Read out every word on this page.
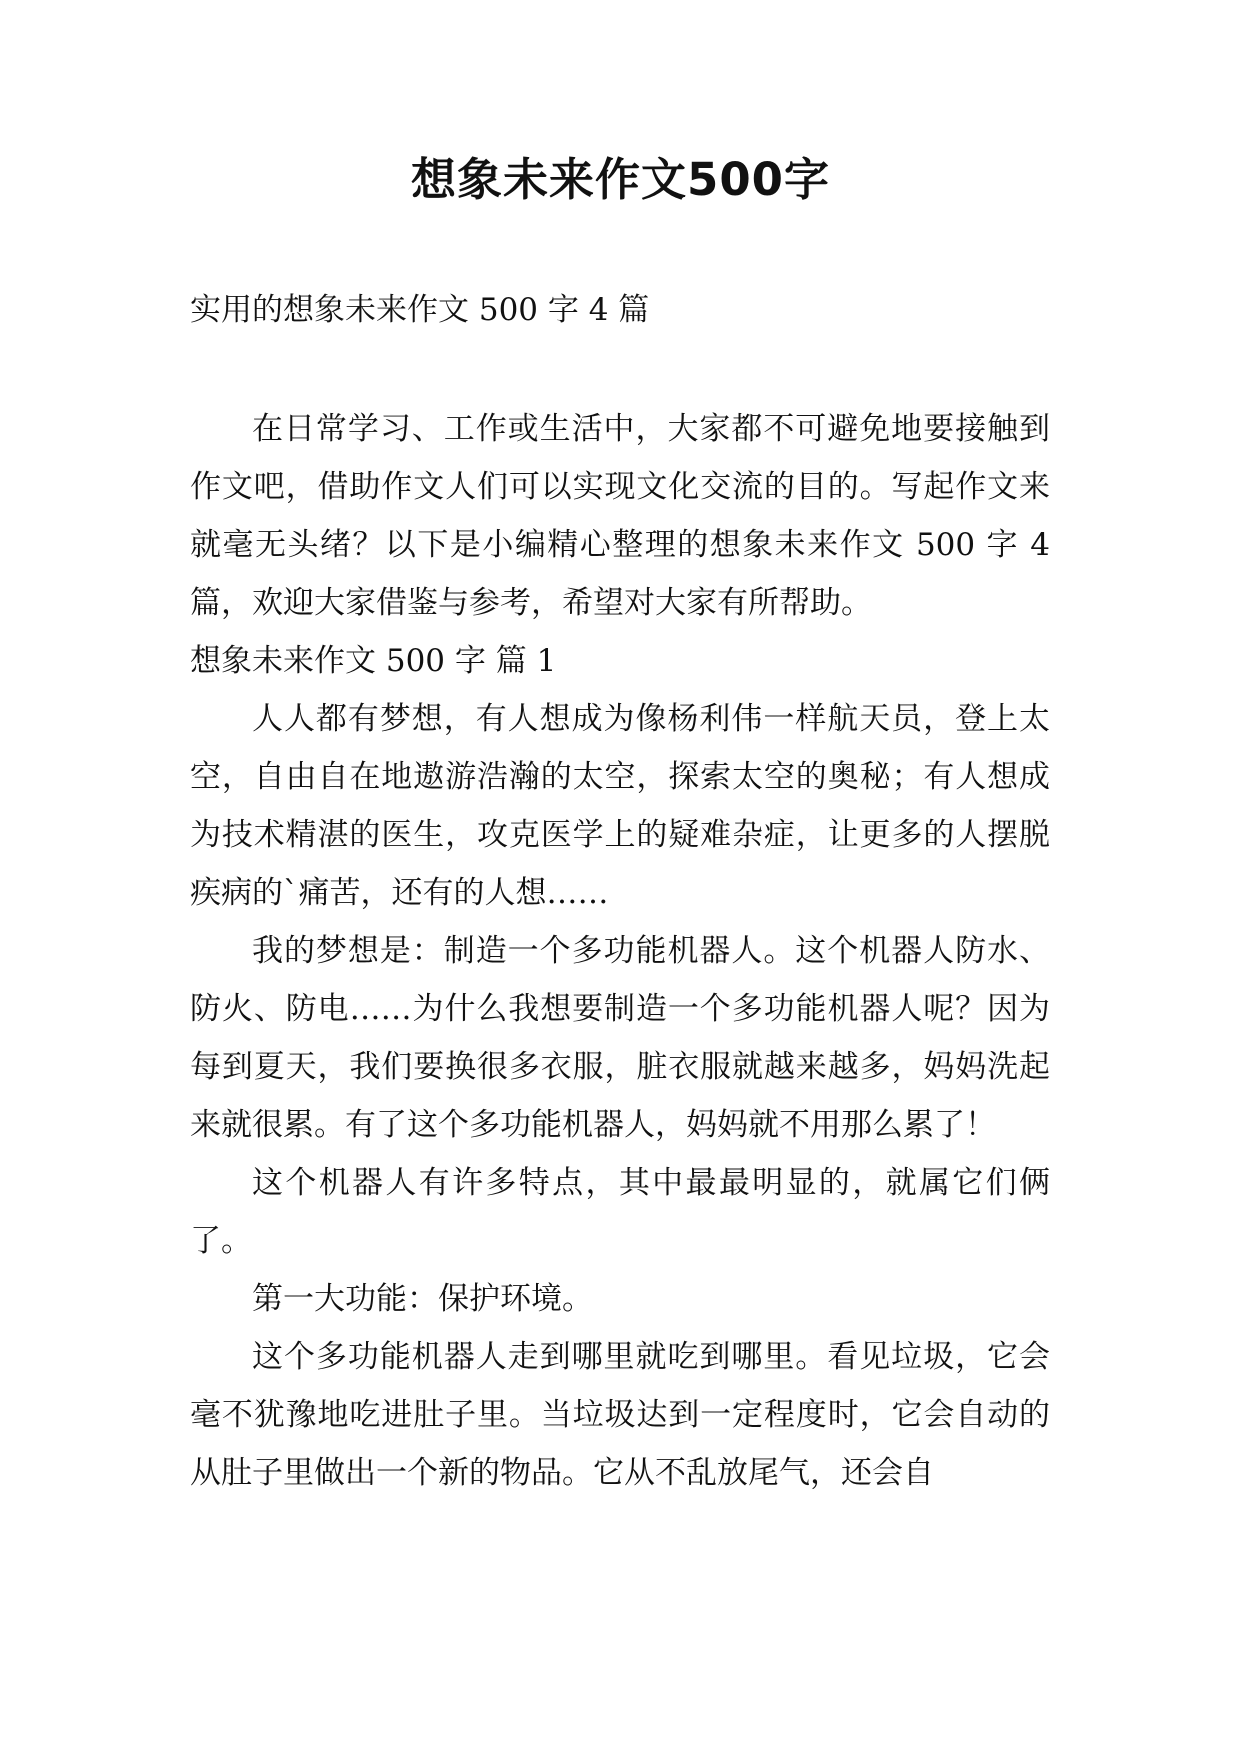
想象未来作文500字
实用的想象未来作文 500 字 4 篇

在日常学习、工作或生活中，大家都不可避免地要接触到作文吧，借助作文人们可以实现文化交流的目的。写起作文来就毫无头绪？以下是小编精心整理的想象未来作文 500 字 4 篇，欢迎大家借鉴与参考，希望对大家有所帮助。

想象未来作文 500 字 篇 1

人人都有梦想，有人想成为像杨利伟一样航天员，登上太空，自由自在地遨游浩瀚的太空，探索太空的奥秘；有人想成为技术精湛的医生，攻克医学上的疑难杂症，让更多的人摆脱疾病的`痛苦，还有的人想……

我的梦想是：制造一个多功能机器人。这个机器人防水、防火、防电……为什么我想要制造一个多功能机器人呢？因为每到夏天，我们要换很多衣服，脏衣服就越来越多，妈妈洗起来就很累。有了这个多功能机器人，妈妈就不用那么累了！

这个机器人有许多特点，其中最最明显的，就属它们俩了。

第一大功能：保护环境。

这个多功能机器人走到哪里就吃到哪里。看见垃圾，它会毫不犹豫地吃进肚子里。当垃圾达到一定程度时，它会自动的从肚子里做出一个新的物品。它从不乱放尾气，还会自
